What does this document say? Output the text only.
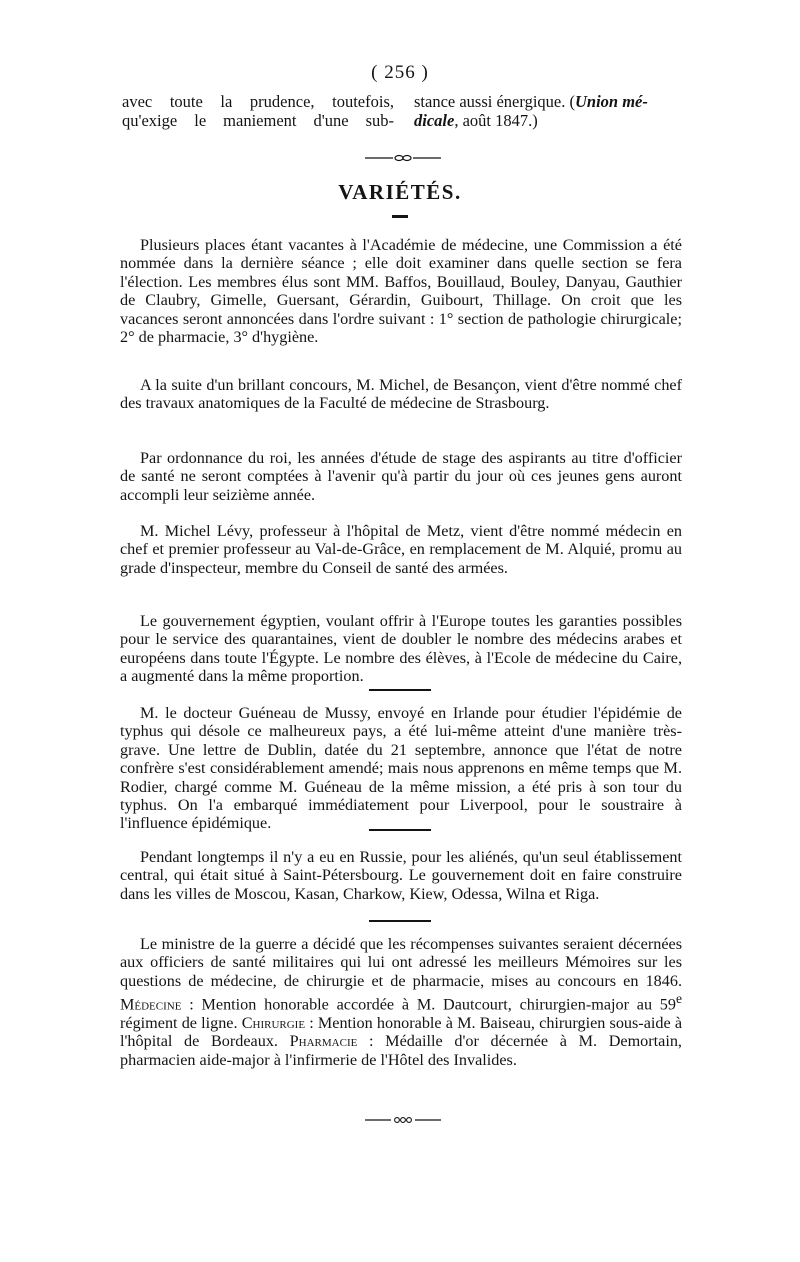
( 256 )
avec toute la prudence, toutefois,
qu'exige le maniement d'une sub-
stance aussi énergique. (Union mé-
dicale, août 1847.)
VARIÉTÉS.

Plusieurs places étant vacantes à l'Académie de médecine, une Commission a été nommée dans la dernière séance ; elle doit examiner dans quelle section se fera l'élection. Les membres élus sont MM. Baffos, Bouillaud, Bouley, Danyau, Gauthier de Claubry, Gimelle, Guersant, Gérardin, Guibourt, Thillage. On croit que les vacances seront annoncées dans l'ordre suivant : 1° section de pathologie chirurgicale; 2° de pharmacie, 3° d'hygiène.

A la suite d'un brillant concours, M. Michel, de Besançon, vient d'être nommé chef des travaux anatomiques de la Faculté de médecine de Strasbourg.

Par ordonnance du roi, les années d'étude de stage des aspirants au titre d'officier de santé ne seront comptées à l'avenir qu'à partir du jour où ces jeunes gens auront accompli leur seizième année.

M. Michel Lévy, professeur à l'hôpital de Metz, vient d'être nommé médecin en chef et premier professeur au Val-de-Grâce, en remplacement de M. Alquié, promu au grade d'inspecteur, membre du Conseil de santé des armées.

Le gouvernement égyptien, voulant offrir à l'Europe toutes les garanties possibles pour le service des quarantaines, vient de doubler le nombre des médecins arabes et européens dans toute l'Égypte. Le nombre des élèves, à l'Ecole de médecine du Caire, a augmenté dans la même proportion.

M. le docteur Guéneau de Mussy, envoyé en Irlande pour étudier l'épidémie de typhus qui désole ce malheureux pays, a été lui-même atteint d'une manière très-grave. Une lettre de Dublin, datée du 21 septembre, annonce que l'état de notre confrère s'est considérablement amendé; mais nous apprenons en même temps que M. Rodier, chargé comme M. Guéneau de la même mission, a été pris à son tour du typhus. On l'a embarqué immédiatement pour Liverpool, pour le soustraire à l'influence épidémique.

Pendant longtemps il n'y a eu en Russie, pour les aliénés, qu'un seul établissement central, qui était situé à Saint-Pétersbourg. Le gouvernement doit en faire construire dans les villes de Moscou, Kasan, Charkow, Kiew, Odessa, Wilna et Riga.

Le ministre de la guerre a décidé que les récompenses suivantes seraient décernées aux officiers de santé militaires qui lui ont adressé les meilleurs Mémoires sur les questions de médecine, de chirurgie et de pharmacie, mises au concours en 1846. Médecine : Mention honorable accordée à M. Dautcourt, chirurgien-major au 59e régiment de ligne. Chirurgie : Mention honorable à M. Baiseau, chirurgien sous-aide à l'hôpital de Bordeaux. Pharmacie : Médaille d'or décernée à M. Demortain, pharmacien aide-major à l'infirmerie de l'Hôtel des Invalides.
